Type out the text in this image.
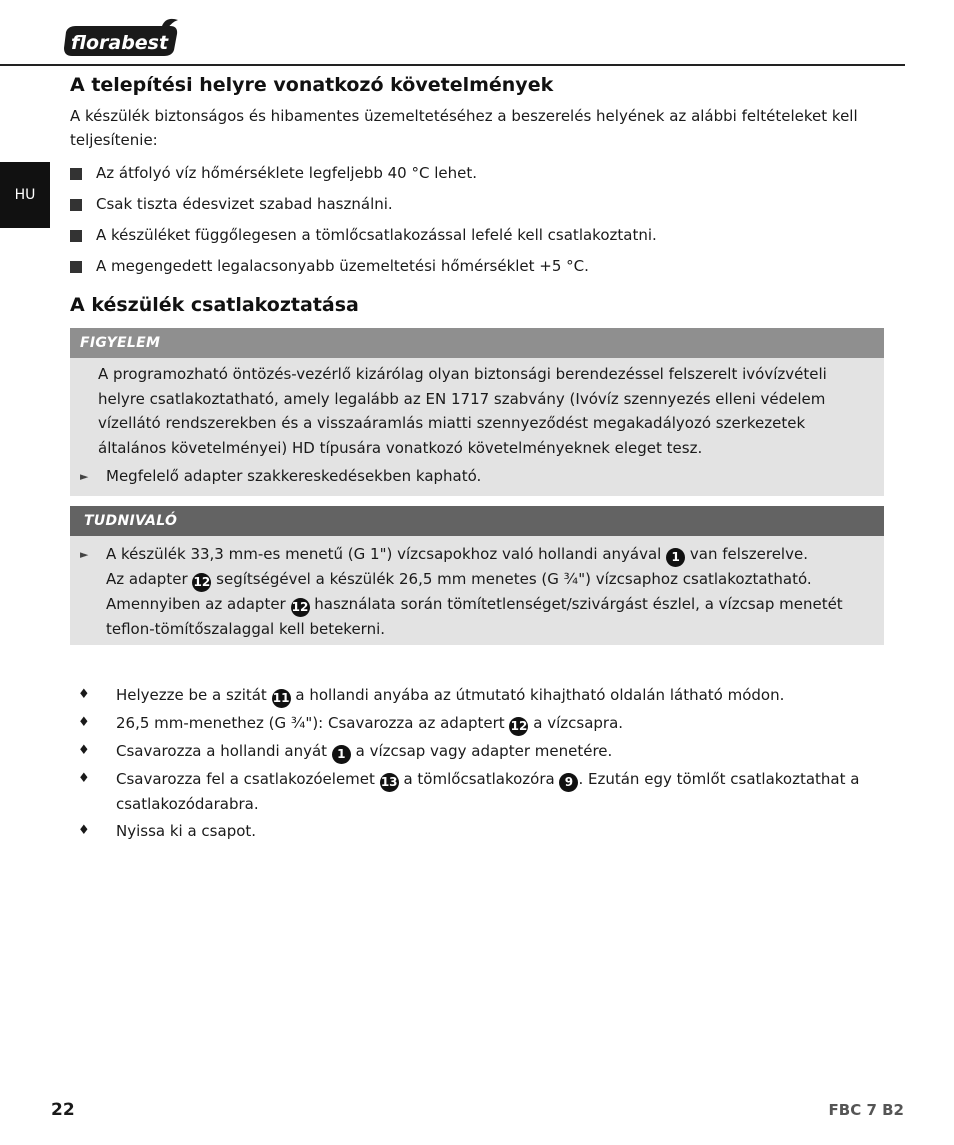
florabest
HU
A telepítési helyre vonatkozó követelmények

A készülék biztonságos és hibamentes üzemeltetéséhez a beszerelés helyének az alábbi feltételeket kell teljesítenie:

Az átfolyó víz hőmérséklete legfeljebb 40 °C lehet.
Csak tiszta édesvizet szabad használni.
A készüléket függőlegesen a tömlőcsatlakozással lefelé kell csatlakoztatni.
A megengedett legalacsonyabb üzemeltetési hőmérséklet +5 °C.
A készülék csatlakoztatása
FIGYELEM
A programozható öntözés-vezérlő kizárólag olyan biztonsági berendezéssel felszerelt ivóvízvételi helyre csatlakoztatható, amely legalább az EN 1717 szabvány (Ivóvíz szennyezés elleni védelem vízellátó rendszerekben és a visszaáramlás miatti szennyeződést megakadályozó szerkezetek általános követelményei) HD típusára vonatkozó követelményeknek eleget tesz.
►	Megfelelő adapter szakkereskedésekben kapható.
TUDNIVALÓ
►	A készülék 33,3 mm-es menetű (G 1") vízcsapokhoz való hollandi anyával 1 van felszerelve.
Az adapter 12 segítségével a készülék 26,5 mm menetes (G ¾") vízcsaphoz csatlakoztatható.
Amennyiben az adapter 12 használata során tömítetlenséget/szivárgást észlel, a vízcsap menetét teflon-tömítőszalaggal kell betekerni.
♦	Helyezze be a szitát 11 a hollandi anyába az útmutató kihajtható oldalán látható módon.
♦	26,5 mm-menethez (G ¾"): Csavarozza az adaptert 12 a vízcsapra.
♦	Csavarozza a hollandi anyát 1 a vízcsap vagy adapter menetére.
♦	Csavarozza fel a csatlakozóelemet 13 a tömlőcsatlakozóra 9 . Ezután egy tömlőt csatlakoztathat a csatlakozódarabra.
♦	Nyissa ki a csapot.
22	FBC 7 B2
